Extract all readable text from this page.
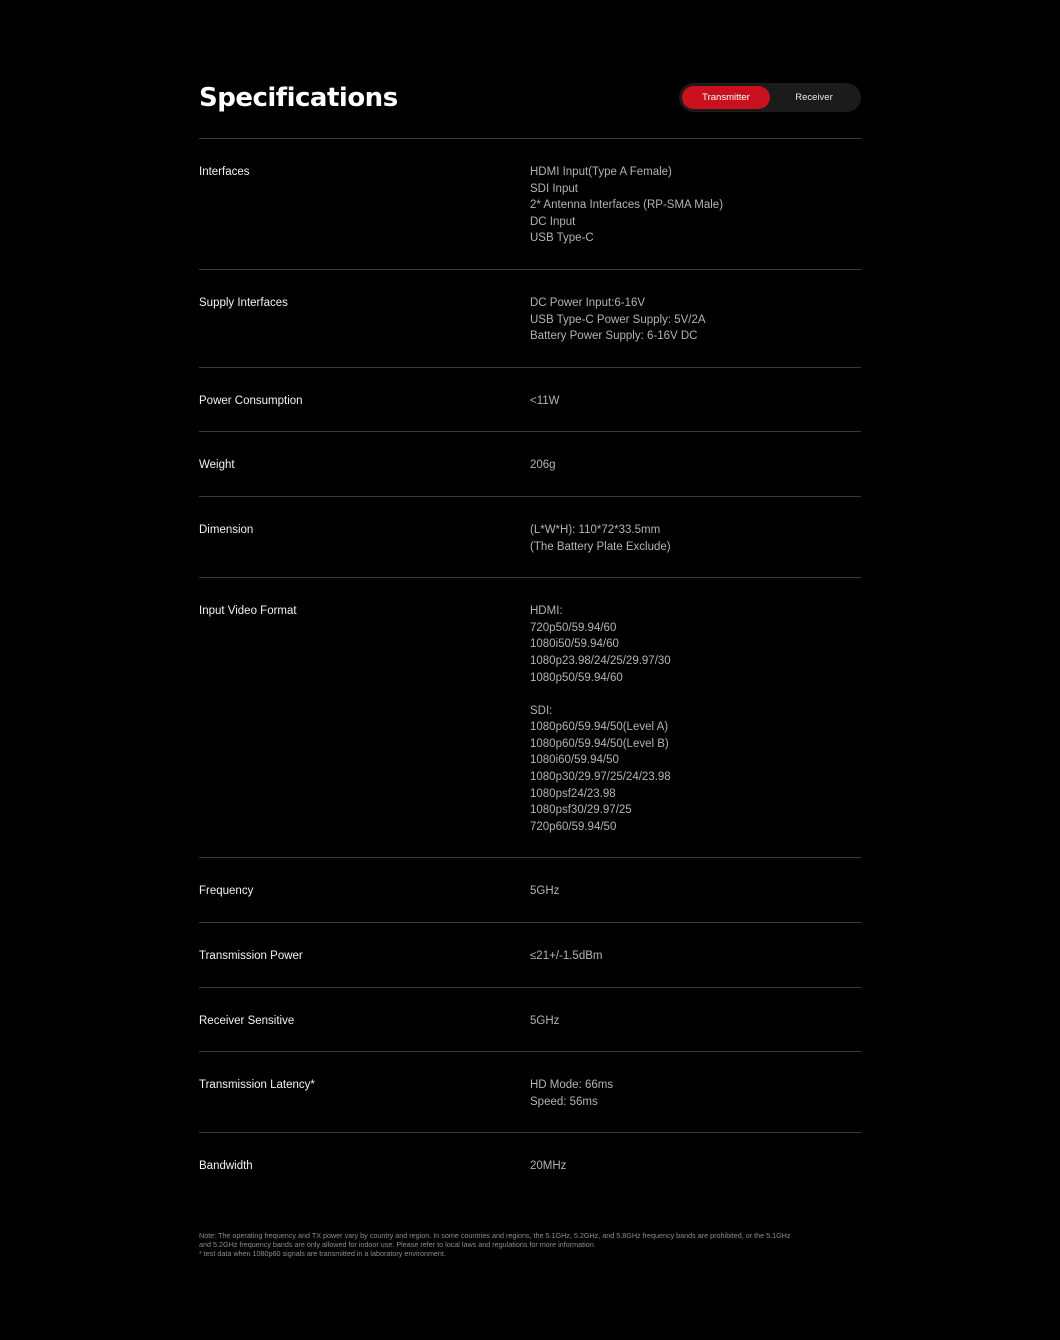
Specifications	Transmitter	Receiver
Interfaces	HDMI Input(Type A Female)
SDI Input
2* Antenna Interfaces (RP-SMA Male)
DC Input
USB Type-C
Supply Interfaces	DC Power Input:6-16V
USB Type-C Power Supply: 5V/2A
Battery Power Supply: 6-16V DC
Power Consumption	<11W
Weight	206g
Dimension	(L*W*H): 110*72*33.5mm
(The Battery Plate Exclude)
Input Video Format	HDMI:
720p50/59.94/60
1080i50/59.94/60
1080p23.98/24/25/29.97/30
1080p50/59.94/60
SDI:
1080p60/59.94/50(Level A)
1080p60/59.94/50(Level B)
1080i60/59.94/50
1080p30/29.97/25/24/23.98
1080psf24/23.98
1080psf30/29.97/25
720p60/59.94/50
Frequency	5GHz
Transmission Power	≤21+/-1.5dBm
Receiver Sensitive	5GHz
Transmission Latency*	HD Mode: 66ms
Speed: 56ms
Bandwidth	20MHz
Note: The operating frequency and TX power vary by country and region. In some countries and regions, the 5.1GHz, 5.2GHz, and 5.8GHz frequency bands are prohibited, or the 5.1GHz
and 5.2GHz frequency bands are only allowed for indoor use. Please refer to local laws and regulations for more information.
* test data when 1080p60 signals are transmitted in a laboratory environment.
